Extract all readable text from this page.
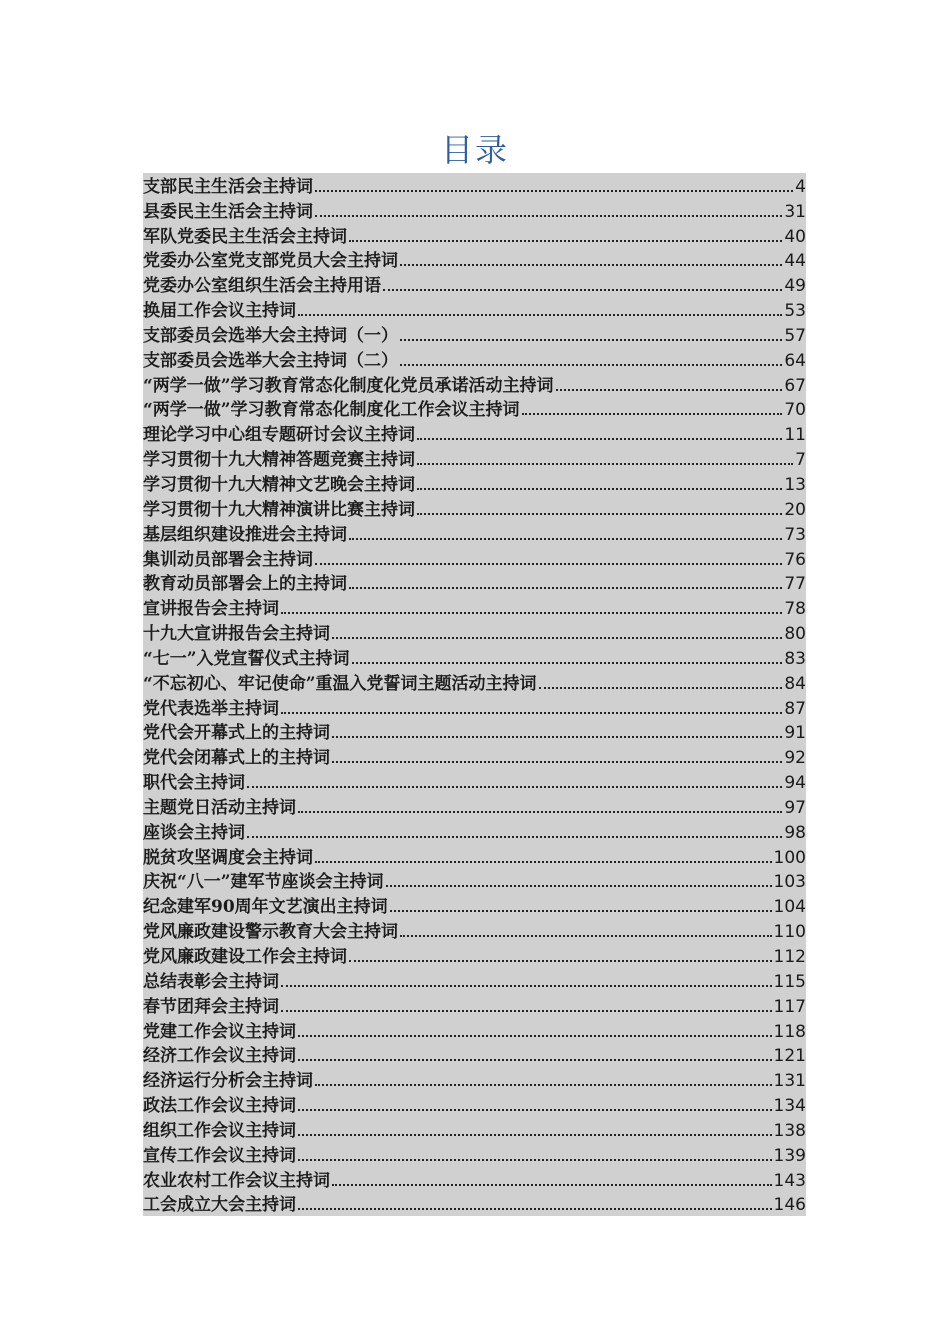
目录
支部民主生活会主持词	4
县委民主生活会主持词	31
军队党委民主生活会主持词	40
党委办公室党支部党员大会主持词	44
党委办公室组织生活会主持用语	49
换届工作会议主持词	53
支部委员会选举大会主持词（一）	57
支部委员会选举大会主持词（二）	64
“两学一做”学习教育常态化制度化党员承诺活动主持词	67
“两学一做”学习教育常态化制度化工作会议主持词	70
理论学习中心组专题研讨会议主持词	11
学习贯彻十九大精神答题竞赛主持词	7
学习贯彻十九大精神文艺晚会主持词	13
学习贯彻十九大精神演讲比赛主持词	20
基层组织建设推进会主持词	73
集训动员部署会主持词	76
教育动员部署会上的主持词	77
宣讲报告会主持词	78
十九大宣讲报告会主持词	80
“七一”入党宣誓仪式主持词	83
“不忘初心、牢记使命”重温入党誓词主题活动主持词	84
党代表选举主持词	87
党代会开幕式上的主持词	91
党代会闭幕式上的主持词	92
职代会主持词	94
主题党日活动主持词	97
座谈会主持词	98
脱贫攻坚调度会主持词	100
庆祝“八一”建军节座谈会主持词	103
纪念建军90周年文艺演出主持词	104
党风廉政建设警示教育大会主持词	110
党风廉政建设工作会主持词	112
总结表彰会主持词	115
春节团拜会主持词	117
党建工作会议主持词	118
经济工作会议主持词	121
经济运行分析会主持词	131
政法工作会议主持词	134
组织工作会议主持词	138
宣传工作会议主持词	139
农业农村工作会议主持词	143
工会成立大会主持词	146
